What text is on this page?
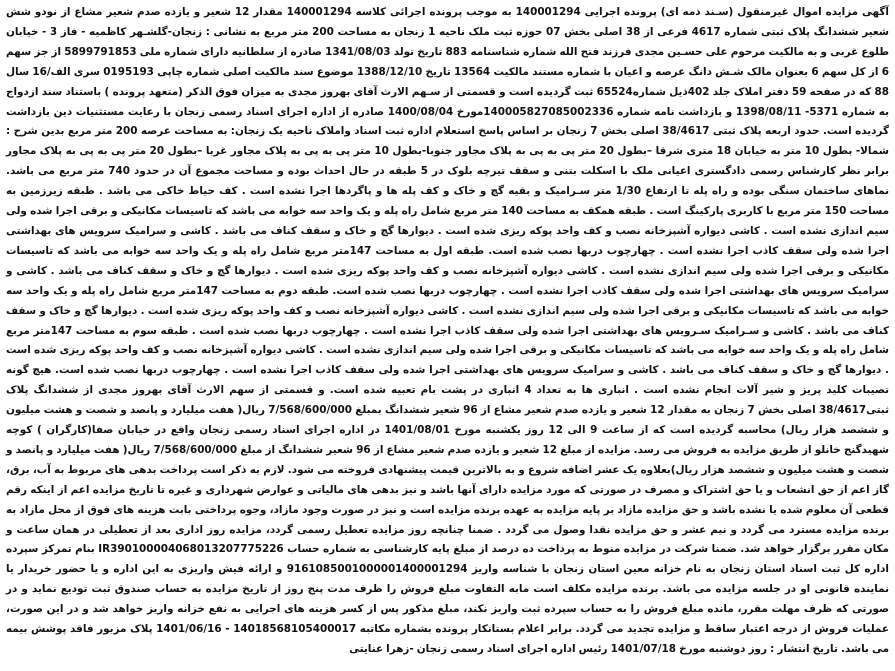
آگهی مزایده اموال غیرمنقول (سـند ذمه ای) پرونده اجرایی 140001294 به موجب پرونده اجرائی کلاسه 140001294 مقدار 12 شعیر و یازده صدم شعیر مشاع از نودو شش شعیر ششدانگ پلاک ثبتی شماره 4617 فرعی از 38 اصلی بخش 07 حوزه ثبت ملک ناحیه 1 زنجان به مساحت 200 متر مربع به نشانی : زنجان-گلشـهر کاظمیه - فاز 3 - خیابان طلوع غربی و به مالکیت مرحوم علی حسـین مجدی فرزند فتح الله شماره شناسنامه 883 تاریخ تولد 1341/08/03 صادره از سلطانیه دارای شماره ملی 5899791853 از جز سهم 6 از کل سهم 6 بعنوان مالک شـش دانگ عرصه و اعیان با شماره مستند مالکیت 13564 تاریخ 1388/12/10 موضوع سند مالکیت اصلی شماره چاپی 0195193 سری الف/16 سال 88 که در صفحه 59 دفتر املاک جلد 402ذیل شماره65524 ثبت گردیده است و قسمتی از سـهم الارث آقای بهروز مجدی به میزان فوق الذکر (متعهد پرونده ) باستناد سند ازدواج به شماره 5371- 1398/08/11 و بازداشت نامه شماره 140005827085002336مورخ 1400/08/04 صادره از اداره اجرای اسناد رسمی زنجان با رعایت مستثنیات دین بازداشت گردیده است. حدود اربعه پلاک ثبتی 38/4617 اصلی بخش 7 زنجان بر اساس پاسخ استعلام اداره ثبت اسناد واملاک ناحیه یک زنجان: به مساحت عرصه 200 متر مربع بدین شرح : شمالا- بطول 10 متر به خیابان 18 متری شرقا –بطول 20 متر پی به پی به پلاک مجاور جنوبا-بطول 10 متر پی به پی به پلاک مجاور غربا –بطول 20 متر پی به پی به پلاک مجاور برابر نظر کارشناس رسمی دادگستری اعیانی ملک با اسکلت بتنی و سقف تیرچه بلوک در 5 طبقه در حال احداث بوده و مساحت مجموع آن در حدود 740 متر مربع می باشد. نماهای ساختمان سنگی بوده و راه پله تا ارتفاع 1/30 متر سـرامیک و بقیه گچ و خاک و کف پله ها و پاگردها اجرا نشده است . کف حیاط خاکی می باشد . طبقه زیرزمین به مساحت 150 متر مربع با کاربری پارکینگ است . طبقه همکف به مساحت 140 متر مربع شامل راه پله و یک واحد سه خوابه می باشد که تاسیسات مکانیکی و برقی اجرا شده ولی سیم اندازی نشده است . کاشی دیواره آشپزخانه نصب و کف واحد پوکه ریزی شده است . دیوارها گچ و خاک و سقف کناف می باشد . کاشی و سرامیک سرویس های بهداشتی اجرا شده ولی سقف کاذب اجرا نشده است . چهارچوب دربها نصب شده است. طبقه اول به مساحت 147متر مربع شامل راه پله و یک واحد سه خوابه می باشد که تاسیسات مکانیکی و برقی اجرا شده ولی سیم اندازی نشده است . کاشی دیواره آشپزخانه نصب و کف واحد پوکه ریزی شده است . دیوارها گچ و خاک و سقف کناف می باشد . کاشی و سرامیک سرویس های بهداشتی اجرا شده ولی سقف کاذب اجرا نشده است . چهارچوب دربها نصب شده است. طبقه دوم به مساحت 147متر مربع شامل راه پله و یک واحد سه خوابه می باشد که تاسیسات مکانیکی و برقی اجرا شده ولی سیم اندازی نشده است . کاشی دیواره آشپزخانه نصب و کف واحد پوکه ریزی شده است . دیوارها گچ و خاک و سقف کناف می باشد . کاشی و سـرامیک سـرویس های بهداشتی اجرا شده ولی سقف کاذب اجرا نشده است . چهارچوب دربها نصب شده است . طبقه سوم به مساحت 147متر مربع شامل راه پله و یک واحد سه خوابه می باشد که تاسیسات مکانیکی و برقی اجرا شده ولی سیم اندازی نشده است . کاشی دیواره آشپزخانه نصب و کف واحد پوکه ریزی شده است . دیوارها گچ و خاک و سقف کناف می باشد . کاشی و سرامیک سرویس های بهداشتی اجرا شده ولی سقف کاذب اجرا نشده است . چهارچوب دربها نصب شده است. هیچ گونه تصیبات کلید پریز و شیر آلات انجام نشده است . انباری ها به تعداد 4 انباری در پشت بام تعبیه شده است. و قسمتی از سهم الارث آقای بهروز مجدی از ششدانگ پلاک ثبتی38/4617 اصلی بخش 7 زنجان به مقدار 12 شعیر و یازده صدم شعیر مشاع از 96 شعیر ششدانگ بمبلغ 7/568/600/000 ریال( هفت میلیارد و پانصد و شصت و هشت میلیون و ششصد هزار ریال) محاسبه گردیده است که از ساعت 9 الی 12 روز یکشنبه مورخ 1401/08/01 در اداره اجرای اسناد رسمی زنجان واقع در خیابان صفا(کارگران ) کوچه شهیدگنج خانلو از طریق مزایده به فروش می رسد. مزایده از مبلغ 12 شعیر و یازده صدم شعیر مشاع از 96 شعیر ششدانگ از مبلغ 7/568/600/000 ریال( هفت میلیارد و پانصد و شصت و هشت میلیون و ششصد هزار ریال)بعلاوه یک عشر اضافه شروع و به بالاترین قیمت پیشنهادی فروخته می شود. لازم به ذکر است پرداخت بدهی های مربوط به آب، برق، گاز اعم از حق انشعاب و یا حق اشتراک و مصرف در صورتی که مورد مزایده دارای آنها باشد و نیز بدهی های مالیاتی و عوارض شهرداری و غیره تا تاریخ مزایده اعم از اینکه رقم قطعی آن معلوم شده یا نشده باشد و حق مزایده مازاد بر پایه مزایده به عهده برنده مزایده است و نیز در صورت وجود مازاد، وجوه پرداختی بابت هزینه های فوق از محل مازاد به برنده مزایده مسترد می گردد و نیم عشر و حق مزایده نقدا وصول می گردد . ضمنا چنانچه روز مزایده تعطیل رسمی گردد، مزایده روز اداری بعد از تعطیلی در همان ساعت و مکان مقرر برگزار خواهد شد. ضمنا شرکت در مزایده منوط به پرداخت ده درصد از مبلغ پایه کارشناسی به شماره حساب IR390100004068013207775226 بنام تمرکز سپرده اداره کل ثبت اسناد استان زنجان به نام خزانه معین استان زنجان با شناسه واریز 9161085001000001400001294 و ارائه فیش واریزی به این اداره و یا حضور خریدار یا نماینده قانونی او در جلسه مزایده می باشد. برنده مزایده مکلف است مابه التفاوت مبلغ فروش را ظرف مدت پنج روز از تاریخ مزایده به حساب صندوق ثبت تودیع نماید و در صورتی که ظرف مهلت مقرر، مانده مبلغ فروش را به حساب سپرده ثبت واریز نکند، مبلغ مذکور پس از کسر هزینه های اجرایی به نفع خزانه واریز خواهد شد و در این صورت، عملیات فروش از درجه اعتبار ساقط و مزایده تجدید می گردد. برابر اعلام بستانکار پرونده بشماره مکاتبه 14018568105400017 - 1401/06/16 پلاک مزبور فاقد پوشش بیمه می باشد. تاریخ انتشار : روز دوشنبه مورخ 1401/07/18 رئیس اداره اجرای اسناد رسمی زنجان -زهرا عنایتی
